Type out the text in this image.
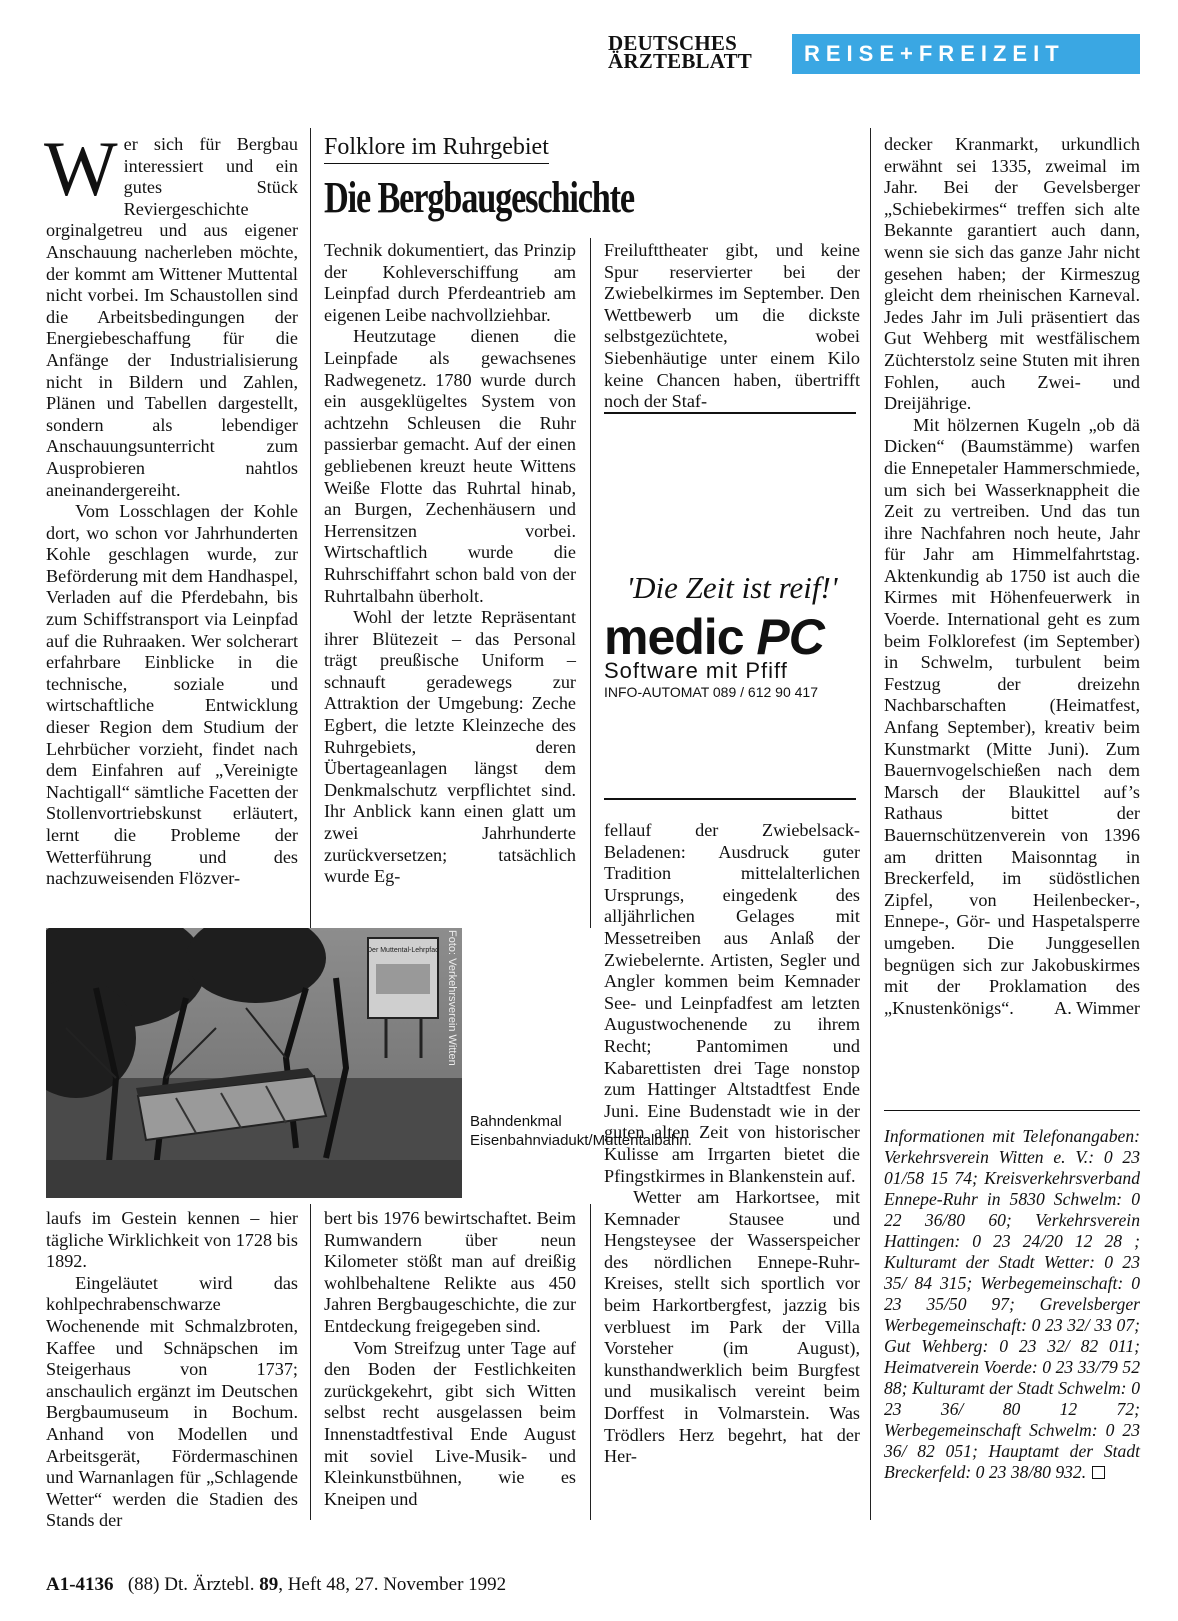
DEUTSCHES
ÄRZTEBLATT	REISE+FREIZEIT

Wer sich für Bergbau interessiert und ein gutes Stück Reviergeschichte orginalgetreu und aus eigener Anschauung nacherleben möchte, der kommt am Wittener Muttental nicht vorbei. Im Schaustollen sind die Arbeitsbedingungen der Energiebeschaffung für die Anfänge der Industrialisierung nicht in Bildern und Zahlen, Plänen und Tabellen dargestellt, sondern als lebendiger Anschauungsunterricht zum Ausprobieren nahtlos aneinandergereiht.

Vom Losschlagen der Kohle dort, wo schon vor Jahrhunderten Kohle geschlagen wurde, zur Beförderung mit dem Handhaspel, Verladen auf die Pferdebahn, bis zum Schiffstransport via Leinpfad auf die Ruhraaken. Wer solcherart erfahrbare Einblicke in die technische, soziale und wirtschaftliche Entwicklung dieser Region dem Studium der Lehrbücher vorzieht, findet nach dem Einfahren auf „Vereinigte Nachtigall“ sämtliche Facetten der Stollenvortriebskunst erläutert, lernt die Probleme der Wetterführung und des nachzuweisenden Flözver-

Folklore im Ruhrgebiet
Die Bergbaugeschichte

Technik dokumentiert, das Prinzip der Kohleverschiffung am Leinpfad durch Pferdeantrieb am eigenen Leibe nachvollziehbar.

Heutzutage dienen die Leinpfade als gewachsenes Radwegenetz. 1780 wurde durch ein ausgeklügeltes System von achtzehn Schleusen die Ruhr passierbar gemacht. Auf der einen gebliebenen kreuzt heute Wittens Weiße Flotte das Ruhrtal hinab, an Burgen, Zechenhäusern und Herrensitzen vorbei. Wirtschaftlich wurde die Ruhrschiffahrt schon bald von der Ruhrtalbahn überholt.

Wohl der letzte Repräsentant ihrer Blütezeit – das Personal trägt preußische Uniform – schnauft geradewegs zur Attraktion der Umgebung: Zeche Egbert, die letzte Kleinzeche des Ruhrgebiets, deren Übertageanlagen längst dem Denkmalschutz verpflichtet sind. Ihr Anblick kann einen glatt um zwei Jahrhunderte zurückversetzen; tatsächlich wurde Eg-

Freilufttheater gibt, und keine Spur reservierter bei der Zwiebelkirmes im September. Den Wettbewerb um die dickste selbstgezüchtete, wobei Siebenhäutige unter einem Kilo keine Chancen haben, übertrifft noch der Staf-

'Die Zeit ist reif!'
medic PC
Software mit Pfiff
INFO-AUTOMAT 089 / 612 90 417

fellauf der Zwiebelsack-Beladenen: Ausdruck guter Tradition mittelalterlichen Ursprungs, eingedenk des alljährlichen Gelages mit Messetreiben aus Anlaß der Zwiebelernte. Artisten, Segler und Angler kommen beim Kemnader See- und Leinpfadfest am letzten Augustwochenende zu ihrem Recht; Pantomimen und Kabarettisten drei Tage nonstop zum Hattinger Altstadtfest Ende Juni. Eine Budenstadt wie in der guten alten Zeit von historischer Kulisse am Irrgarten bietet die Pfingstkirmes in Blankenstein auf.

Wetter am Harkortsee, mit Kemnader Stausee und Hengsteysee der Wasserspeicher des nördlichen Ennepe-Ruhr-Kreises, stellt sich sportlich vor beim Harkortbergfest, jazzig bis verbluest im Park der Villa Vorsteher (im August), kunsthandwerklich beim Burgfest und musikalisch vereint beim Dorffest in Volmarstein. Was Trödlers Herz begehrt, hat der Her-

decker Kranmarkt, urkundlich erwähnt sei 1335, zweimal im Jahr. Bei der Gevelsberger „Schiebekirmes“ treffen sich alte Bekannte garantiert auch dann, wenn sie sich das ganze Jahr nicht gesehen haben; der Kirmeszug gleicht dem rheinischen Karneval. Jedes Jahr im Juli präsentiert das Gut Wehberg mit westfälischem Züchterstolz seine Stuten mit ihren Fohlen, auch Zwei- und Dreijährige.

Mit hölzernen Kugeln „ob dä Dicken“ (Baumstämme) warfen die Ennepetaler Hammerschmiede, um sich bei Wasserknappheit die Zeit zu vertreiben. Und das tun ihre Nachfahren noch heute, Jahr für Jahr am Himmelfahrtstag. Aktenkundig ab 1750 ist auch die Kirmes mit Höhenfeuerwerk in Voerde. International geht es zum beim Folklorefest (im September) in Schwelm, turbulent beim Festzug der dreizehn Nachbarschaften (Heimatfest, Anfang September), kreativ beim Kunstmarkt (Mitte Juni). Zum Bauernvogelschießen nach dem Marsch der Blaukittel auf’s Rathaus bittet der Bauernschützenverein von 1396 am dritten Maisonntag in Breckerfeld, im südöstlichen Zipfel, von Heilenbecker-, Ennepe-, Gör- und Haspetalsperre umgeben. Die Junggesellen begnügen sich zur Jakobuskirmes mit der Proklamation des „Knustenkönigs“.	A. Wimmer

Informationen mit Telefonangaben: Verkehrsverein Witten e. V.: 0 23 01/58 15 74; Kreisverkehrsverband Ennepe-Ruhr in 5830 Schwelm: 0 22 36/80 60; Verkehrsverein Hattingen: 0 23 24/20 12 28 ; Kulturamt der Stadt Wetter: 0 23 35/ 84 315; Werbegemeinschaft: 0 23 35/50 97; Grevelsberger Werbegemeinschaft: 0 23 32/ 33 07; Gut Wehberg: 0 23 32/ 82 011; Heimatverein Voerde: 0 23 33/79 52 88; Kulturamt der Stadt Schwelm: 0 23 36/ 80 12 72; Werbegemeinschaft Schwelm: 0 23 36/ 82 051; Hauptamt der Stadt Breckerfeld: 0 23 38/80 932.
Der Muttental-Lehrpfad Foto: Verkehrsverein Witten
Bahndenkmal Eisenbahnviadukt/Muttentalbahn.

laufs im Gestein kennen – hier tägliche Wirklichkeit von 1728 bis 1892.

Eingeläutet wird das kohlpechrabenschwarze Wochenende mit Schmalzbroten, Kaffee und Schnäpschen im Steigerhaus von 1737; anschaulich ergänzt im Deutschen Bergbaumuseum in Bochum. Anhand von Modellen und Arbeitsgerät, Fördermaschinen und Warnanlagen für „Schlagende Wetter“ werden die Stadien des Stands der

bert bis 1976 bewirtschaftet. Beim Rumwandern über neun Kilometer stößt man auf dreißig wohlbehaltene Relikte aus 450 Jahren Bergbaugeschichte, die zur Entdeckung freigegeben sind.

Vom Streifzug unter Tage auf den Boden der Festlichkeiten zurückgekehrt, gibt sich Witten selbst recht ausgelassen beim Innenstadtfestival Ende August mit soviel Live-Musik- und Kleinkunstbühnen, wie es Kneipen und

A1-4136 (88) Dt. Ärztebl. 89, Heft 48, 27. November 1992
